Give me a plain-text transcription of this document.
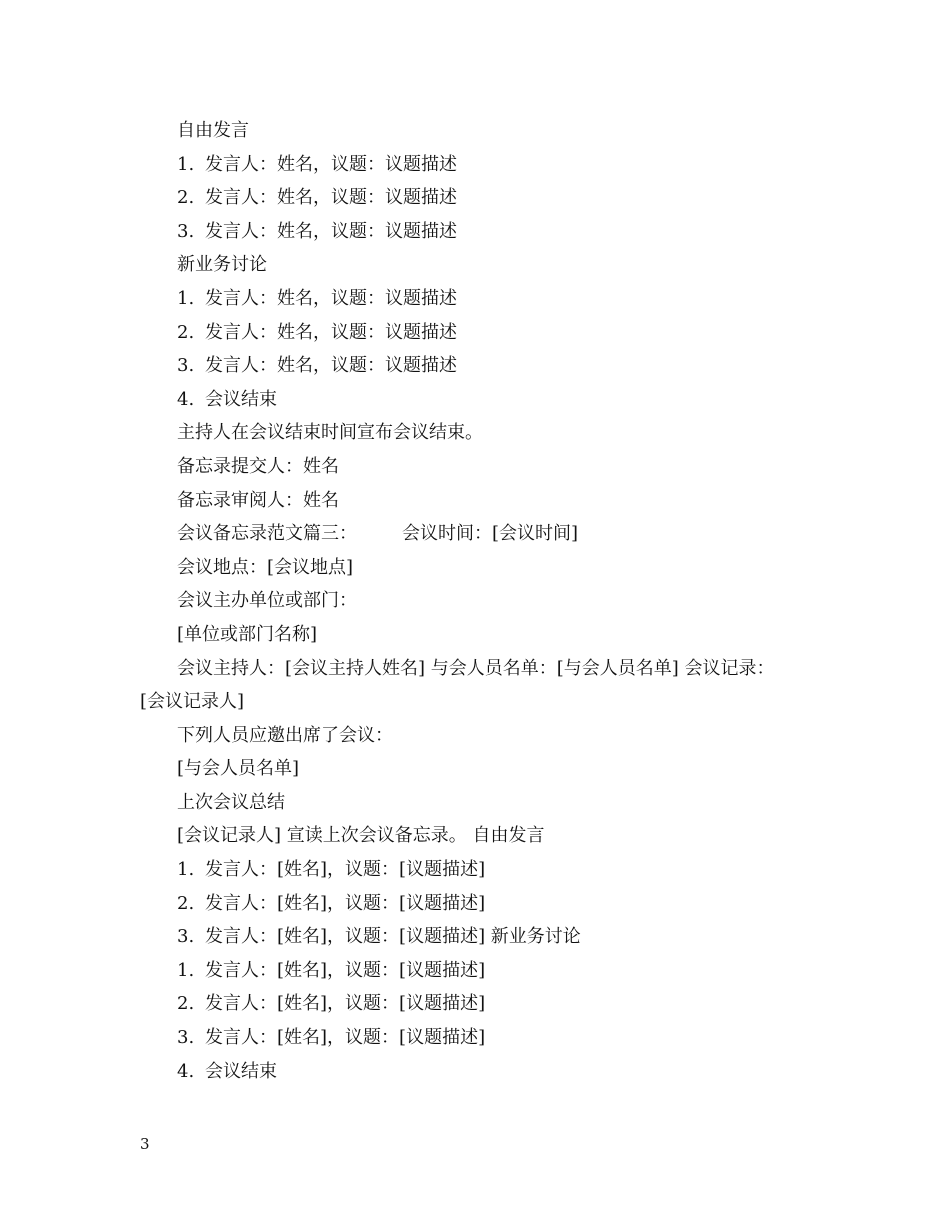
自由发言
1. 发言人：姓名，议题：议题描述
2. 发言人：姓名，议题：议题描述
3. 发言人：姓名，议题：议题描述
新业务讨论
1. 发言人：姓名，议题：议题描述
2. 发言人：姓名，议题：议题描述
3. 发言人：姓名，议题：议题描述
4. 会议结束
主持人在会议结束时间宣布会议结束。
备忘录提交人：姓名
备忘录审阅人：姓名
会议备忘录范文篇三：　　　会议时间：[会议时间]
会议地点：[会议地点]
会议主办单位或部门：
[单位或部门名称]
会议主持人：[会议主持人姓名] 与会人员名单：[与会人员名单] 会议记录：
[会议记录人]
下列人员应邀出席了会议：
[与会人员名单]
上次会议总结
[会议记录人] 宣读上次会议备忘录。 自由发言
1. 发言人：[姓名]，议题：[议题描述]
2. 发言人：[姓名]，议题：[议题描述]
3. 发言人：[姓名]，议题：[议题描述] 新业务讨论
1. 发言人：[姓名]，议题：[议题描述]
2. 发言人：[姓名]，议题：[议题描述]
3. 发言人：[姓名]，议题：[议题描述]
4. 会议结束
3
